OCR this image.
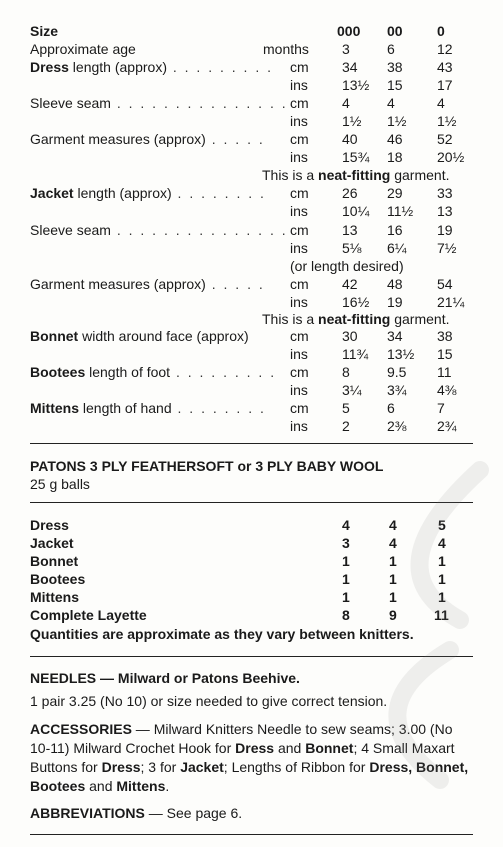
Size	000 00 0
Approximate age	months 3	6	12
Dress length (approx) . . . . . . . . . cm 34 38 43
ins 13½ 15 17
Sleeve seam . . . . . . . . . . . . . . . cm 4	4	4
ins 1½ 1½ 1½
Garment measures (approx) . . . . . cm 40 46 52
ins 15¾ 18 20½
This is a neat-fitting garment.
Jacket length (approx) . . . . . . . . cm 26 29 33
ins 10¼ 11½ 13
Sleeve seam . . . . . . . . . . . . . . . cm 13 16 19
ins 5⅛ 6¼ 7½
(or length desired)
Garment measures (approx) . . . . . cm 42 48 54
ins 16½ 19 21¼
This is a neat-fitting garment.
Bonnet width around face (approx)	cm 30 34 38
ins 11¾ 13½ 15
Bootees length of foot . . . . . . . . . cm 8	9.5 11
ins 3¼ 3¾ 4⅜
Mittens length of hand . . . . . . . . cm 5	6	7
ins 2	2⅜ 2¾
PATONS 3 PLY FEATHERSOFT or 3 PLY BABY WOOL
25 g balls
Dress	4	4	5
Jacket	3	4	4
Bonnet	1	1	1
Bootees	1	1	1
Mittens	1	1	1
Complete Layette	8	9	11
Quantities are approximate as they vary between knitters.
NEEDLES — Milward or Patons Beehive.
1 pair 3.25 (No 10) or size needed to give correct tension.
ACCESSORIES — Milward Knitters Needle to sew seams; 3.00 (No 10-11) Milward Crochet Hook for Dress and Bonnet; 4 Small Maxart Buttons for Dress; 3 for Jacket; Lengths of Ribbon for Dress, Bonnet, Bootees and Mittens.
ABBREVIATIONS — See page 6.
